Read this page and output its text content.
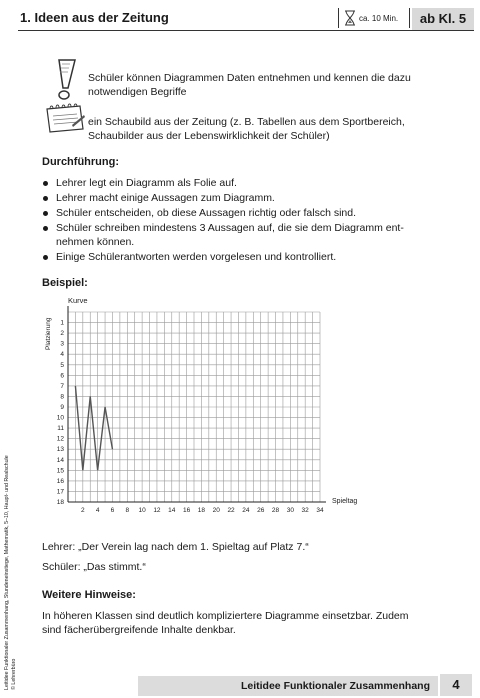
1. Ideen aus der Zeitung	ca. 10 Min.	ab Kl. 5
Schüler können Diagrammen Daten entnehmen und kennen die dazu
notwendigen Begriffe
ein Schaubild aus der Zeitung (z. B. Tabellen aus dem Sportbereich,
Schaubilder aus der Lebenswirklichkeit der Schüler)
Durchführung:
Lehrer legt ein Diagramm als Folie auf.
Lehrer macht einige Aussagen zum Diagramm.
Schüler entscheiden, ob diese Aussagen richtig oder falsch sind.
Schüler schreiben mindestens 3 Aussagen auf, die sie dem Diagramm ent-
nehmen können.
Einige Schülerantworten werden vorgelesen und kontrolliert.
Beispiel:
1
2
3
4
5
6
7
8
9
10
11
12
13
14
15
16
17
18
2 4 6 8 10 12 14 16 18 20 22 24 26 28 30 32 34
Kurve
Spieltag
Platzierung
Lehrer: „Der Verein lag nach dem 1. Spieltag auf Platz 7.“
Schüler: „Das stimmt.“
Weitere Hinweise:
In höheren Klassen sind deutlich kompliziertere Diagramme einsetzbar. Zudem
sind fächerübergreifende Inhalte denkbar.
Leitidee Funktionaler Zusammenhang, Stundeneinstiege, Mathematik, 5–10, Haupt- und Realschule © Lehrerbüro	Leitidee Funktionaler Zusammenhang	4
